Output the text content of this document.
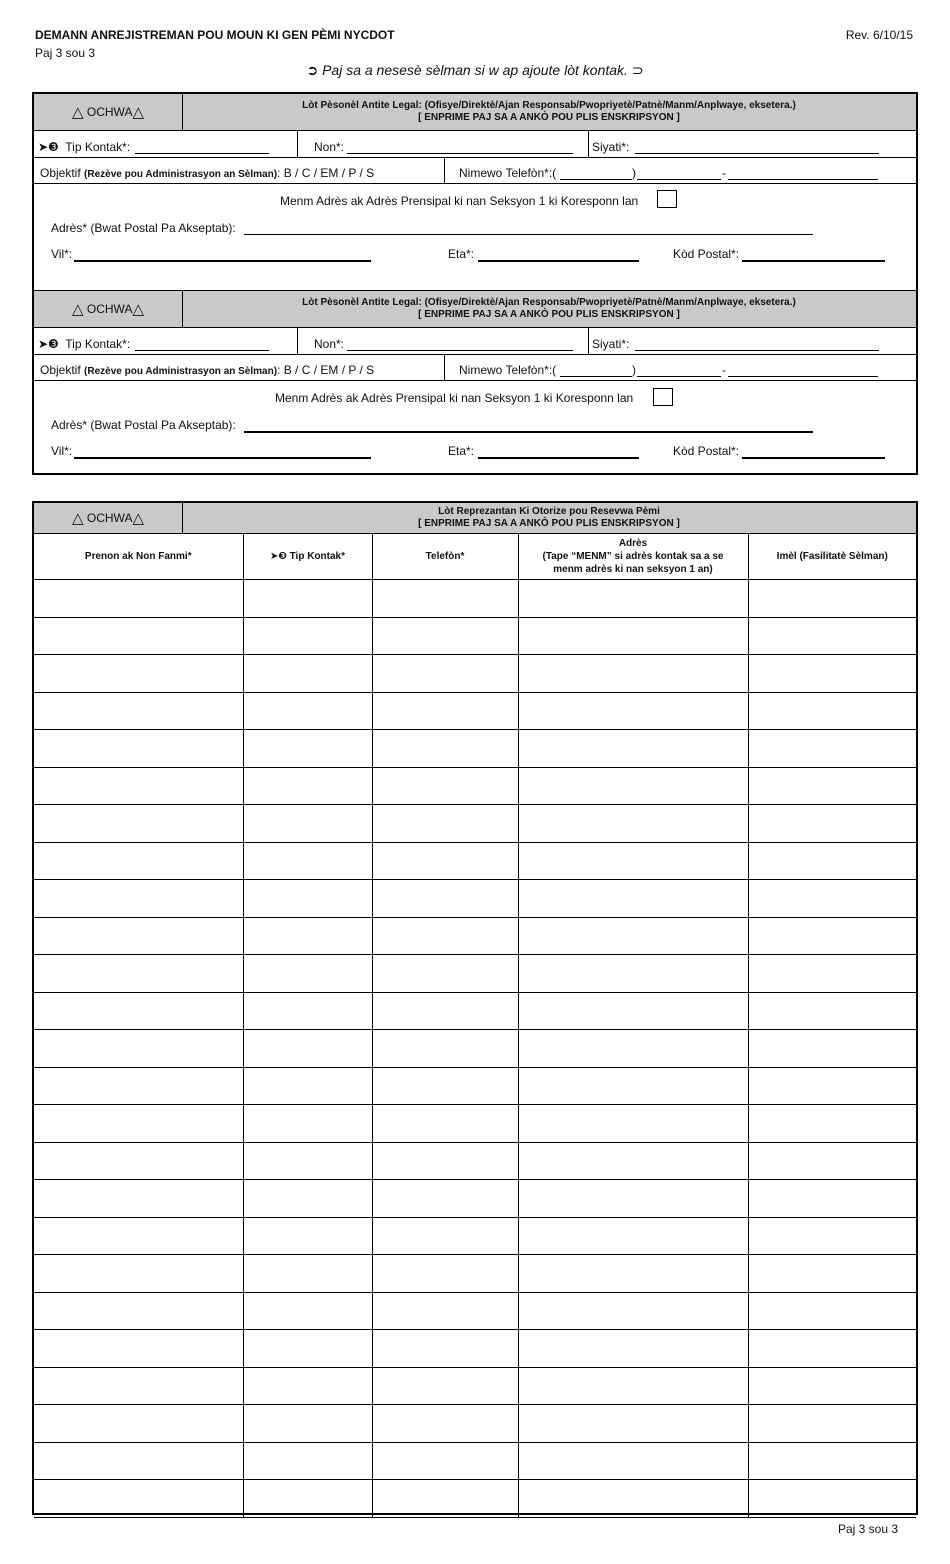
DEMANN ANREJISTREMAN POU MOUN KI GEN PÈMI NYCDOT
Paj 3 sou 3
Rev. 6/10/15
➲ Paj sa a nesesè sèlman si w ap ajoute lòt kontak. ⊃
△
OCHWA △	Lòt Pèsonèl Antite Legal: (Ofisye/Direktè/Ajan Responsab/Pwopriyetè/Patnè/Manm/Anplwaye, eksetera.)
[ ENPRIME PAJ SA A ANKÒ POU PLIS ENSKRIPSYON ]
➤❸ Tip Kontak*:	Non*:	Siyati*:
Objektif (Rezève pou Administrasyon an Sèlman): B / C / EM / P / S	Nimewo Telefòn*:(	)	-
Menm Adrès ak Adrès Prensipal ki nan Seksyon 1 ki Koresponn lan
Adrès* (Bwat Postal Pa Akseptab):
Vil*:	Eta*:	Kòd Postal*:
△
OCHWA △	Lòt Pèsonèl Antite Legal: (Ofisye/Direktè/Ajan Responsab/Pwopriyetè/Patnè/Manm/Anplwaye, eksetera.)
[ ENPRIME PAJ SA A ANKÒ POU PLIS ENSKRIPSYON ]
➤❸ Tip Kontak*:	Non*:	Siyati*:
Objektif (Rezève pou Administrasyon an Sèlman): B / C / EM / P / S	Nimewo Telefòn*:(	)	-
Menm Adrès ak Adrès Prensipal ki nan Seksyon 1 ki Koresponn lan
Adrès* (Bwat Postal Pa Akseptab):
Vil*:	Eta*:	Kòd Postal*:
△
OCHWA △	Lòt Reprezantan Ki Otorize pou Resevwa Pèmi
[ ENPRIME PAJ SA A ANKÒ POU PLIS ENSKRIPSYON ]
Prenon ak Non Fanmi*	➤❸ Tip Kontak*	Telefòn*	Adrès
(Tape “MENM” si adrès kontak sa a se
menm adrès ki nan seksyon 1 an)	Imèl (Fasilitatè Sèlman)

Paj 3 sou 3
